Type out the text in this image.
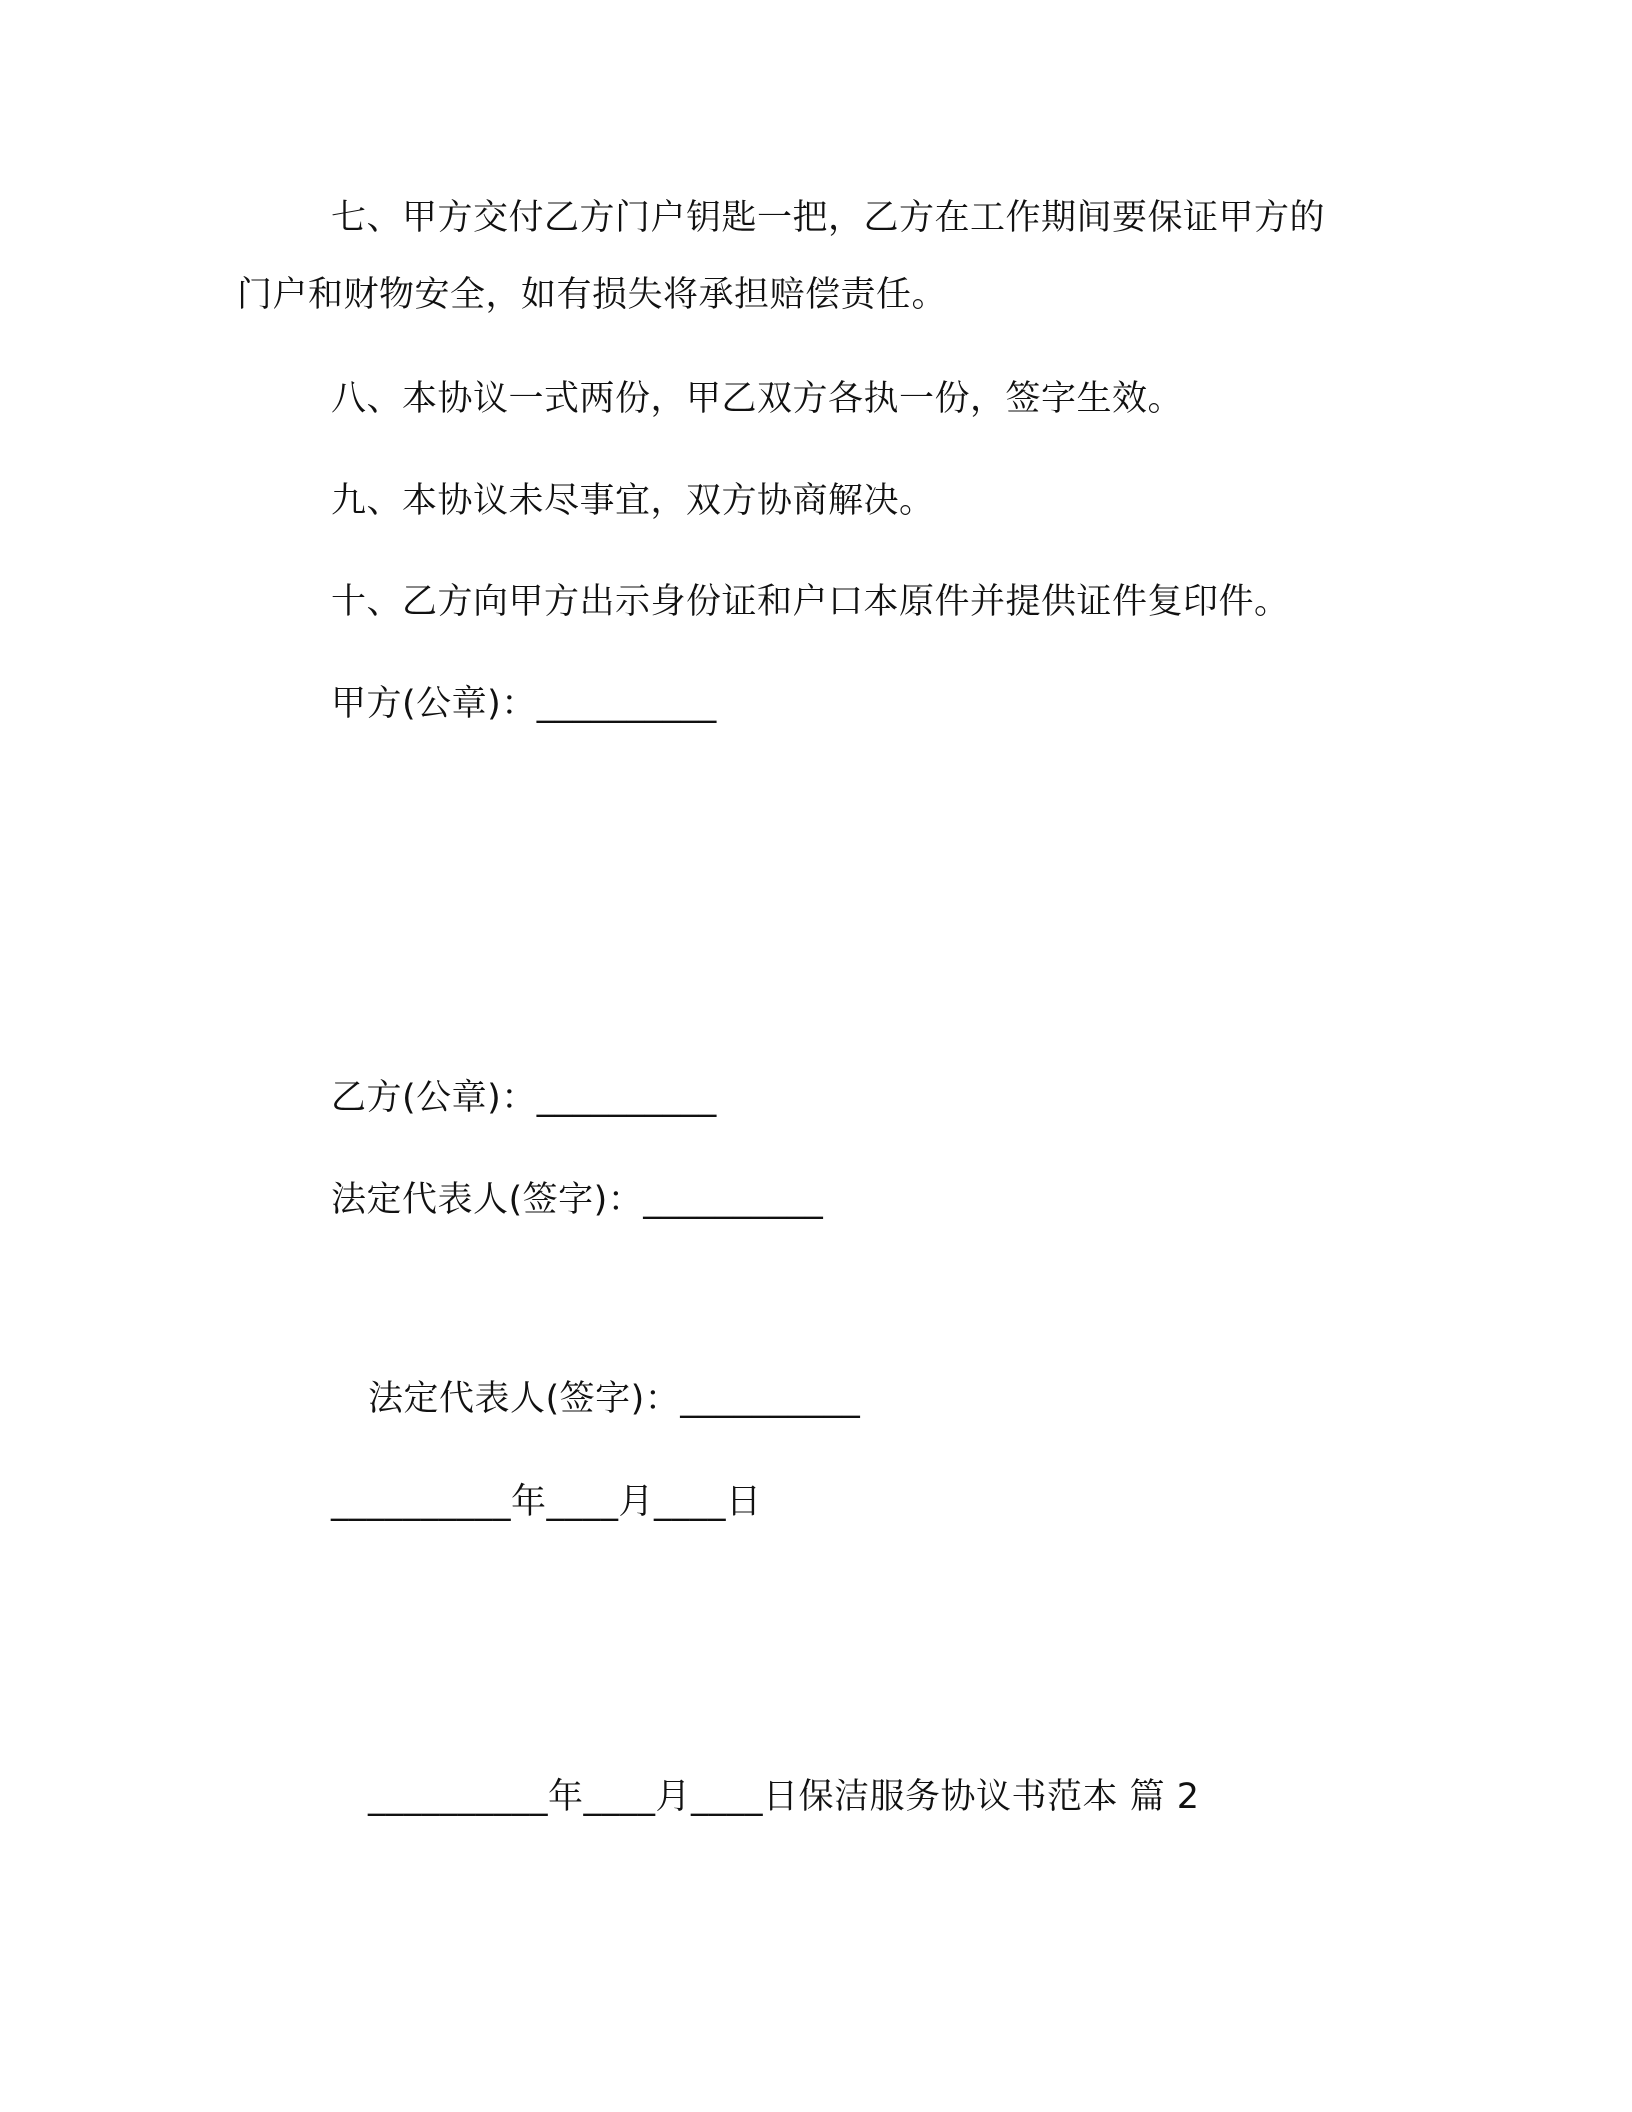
七、甲方交付乙方门户钥匙一把，乙方在工作期间要保证甲方的
门户和财物安全，如有损失将承担赔偿责任。
八、本协议一式两份，甲乙双方各执一份，签字生效。
九、本协议未尽事宜，双方协商解决。
十、乙方向甲方出示身份证和户口本原件并提供证件复印件。
甲方(公章)：__________
乙方(公章)：__________
法定代表人(签字)：__________
法定代表人(签字)：__________
__________年____月____日
__________年____月____日保洁服务协议书范本 篇 2
